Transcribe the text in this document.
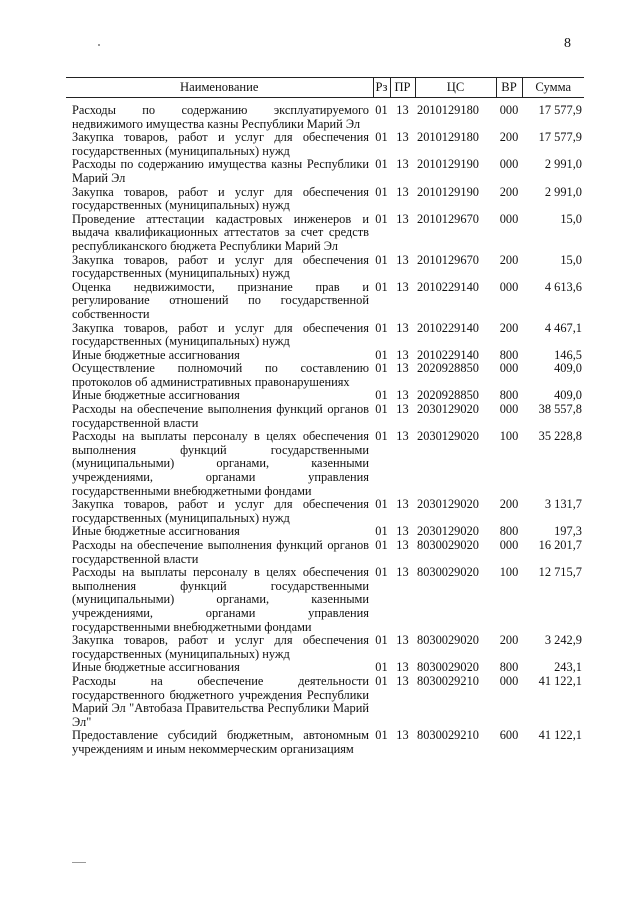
8
Наименование	Рз	ПР	ЦС	ВР	Сумма
Расходы по содержанию эксплуатируемого недвижимого имущества казны Республики Марий Эл	01	13	2010129180	000	17 577,9
Закупка товаров, работ и услуг для обеспечения государственных (муниципальных) нужд	01	13	2010129180	200	17 577,9
Расходы по содержанию имущества казны Республики Марий Эл	01	13	2010129190	000	2 991,0
Закупка товаров, работ и услуг для обеспечения государственных (муниципальных) нужд	01	13	2010129190	200	2 991,0
Проведение аттестации кадастровых инженеров и выдача квалификационных аттестатов за счет средств республиканского бюджета Республики Марий Эл	01	13	2010129670	000	15,0
Закупка товаров, работ и услуг для обеспечения государственных (муниципальных) нужд	01	13	2010129670	200	15,0
Оценка недвижимости, признание прав и регулирование отношений по государственной собственности	01	13	2010229140	000	4 613,6
Закупка товаров, работ и услуг для обеспечения государственных (муниципальных) нужд	01	13	2010229140	200	4 467,1
Иные бюджетные ассигнования	01	13	2010229140	800	146,5
Осуществление полномочий по составлению протоколов об административных правонарушениях	01	13	2020928850	000	409,0
Иные бюджетные ассигнования	01	13	2020928850	800	409,0
Расходы на обеспечение выполнения функций органов государственной власти	01	13	2030129020	000	38 557,8
Расходы на выплаты персоналу в целях обеспечения выполнения функций государственными (муниципальными) органами, казенными учреждениями, органами управления государственными внебюджетными фондами	01	13	2030129020	100	35 228,8
Закупка товаров, работ и услуг для обеспечения государственных (муниципальных) нужд	01	13	2030129020	200	3 131,7
Иные бюджетные ассигнования	01	13	2030129020	800	197,3
Расходы на обеспечение выполнения функций органов государственной власти	01	13	8030029020	000	16 201,7
Расходы на выплаты персоналу в целях обеспечения выполнения функций государственными (муниципальными) органами, казенными учреждениями, органами управления государственными внебюджетными фондами	01	13	8030029020	100	12 715,7
Закупка товаров, работ и услуг для обеспечения государственных (муниципальных) нужд	01	13	8030029020	200	3 242,9
Иные бюджетные ассигнования	01	13	8030029020	800	243,1
Расходы на обеспечение деятельности государственного бюджетного учреждения Республики Марий Эл "Автобаза Правительства Республики Марий Эл"	01	13	8030029210	000	41 122,1
Предоставление субсидий бюджетным, автономным учреждениям и иным некоммерческим организациям	01	13	8030029210	600	41 122,1
